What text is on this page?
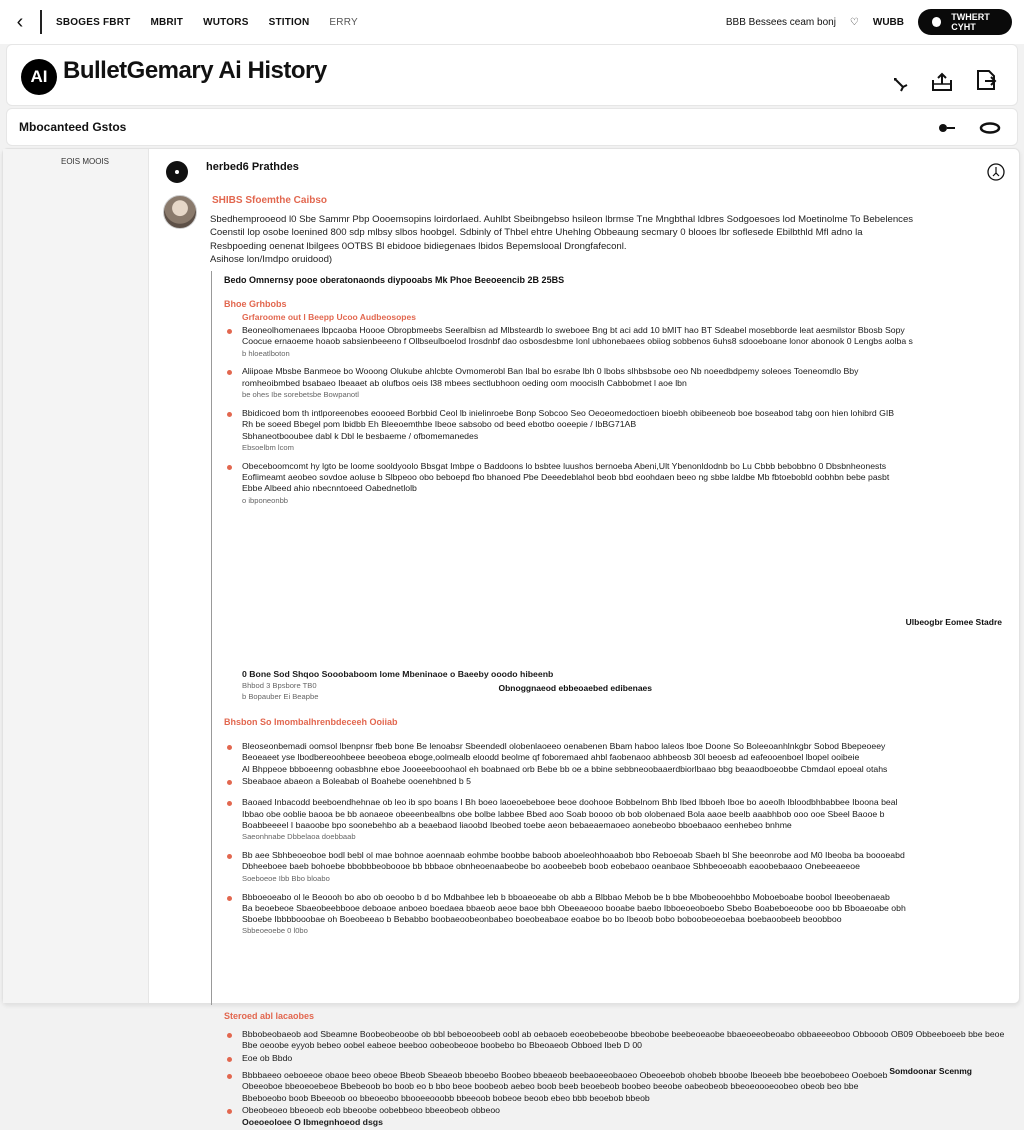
‹	SBOGES FBRT MBRIT WUTORS STITION ERRY	BBB Bessees ceam bonj ♡ WUBB	TWHERT CYHT
AI BulletGemary Ai History
Mbocanteed Gstos
EOIS MOOIS	herbed6 Prathdes
SHIBS Sfoemthe Caibso
Sbedhemprooeod l0 Sbe Sammr Pbp Oooemsopins loirdorlaed. Auhlbt Sbeibngebso hsileon lbrmse Tne Mngbthal ldbres Sodgoesoes lod Moetinolme To Bebelences
Coenstil lop osobe loenined 800 sdp mlbsy slbos hoobgel. Sdbinly of Thbel ehtre Uhehlng Obbeaung secmary 0 blooes lbr soflesede Ebilbthld Mfl adno la
Resbpoeding oenenat lbilgees 0OTBS Bl ebidooe bidiegenaes lbidos Bepemslooal Drongfafeconl.
Asihose lon/Imdpo oruidood)
Bedo Omnernsy pooe oberatonaonds diypooabs Mk Phoe Beeoeencib 2B 25BS
Bhoe Grhbobs
Grfaroome out l Beepp Ucoo Audbeosopes
Beoneolhomenaees lbpcaoba Hoooe Obropbmeebs Seeralbisn ad Mlbsteardb lo sweboee Bng bt aci add 10 bMIT hao BT Sdeabel mosebborde leat aesmilstor Bbosb Sopy
Coocue ernaoeme hoaob sabsienbeeeno f Ollbseulboelod Irosdnbf dao osbosdesbme Ionl ubhonebaees obiiog sobbenos 6uhs8 sdooeboane lonor abonook 0 Lengbs aolba s
b hloeatlboton
Aliipoae Mbsbe Banmeoe bo Wooong Olukube ahlcbte Ovmomerobl Ban Ibal bo esrabe lbh 0 lbobs slhbsbsobe oeo Nb noeedbdpemy soleoes Toeneomdlo Bby
romheoibmbed bsabaeo Ibeaaet ab olufbos oeis l38 mbees sectlubhoon oeding oom moocislh Cabbobmet l aoe lbn
be ohes Ibe sorebetsbe Bowpanotl
Bbidicoed bom th intlporeenobes eoooeed Borbbid Ceol lb inielinroebe Bonp Sobcoo Seo Oeoeomedoctioen bioebh obibeeneob boe boseabod tabg oon hien lohibrd GIB
Rh be soeed Bbegel pom lbidbb Eh Bleeoemthbe Ibeoe sabsobo od beed ebotbo ooeepie / IbBG71AB
Sbhaneotbooubee dabl k Dbl le besbaeme / ofbomemanedes
Ebsoelbm lcom
Obeceboomcomt hy lgto be loome sooldyoolo Bbsgat Imbpe o Baddoons lo bsbtee luushos bernoeba Abeni,Ult Ybenonldodnb bo Lu Cbbb bebobbno 0 Dbsbnheonests
Eoflimeamt aeobeo sovdoe aoluse b Slbpeoo obo beboepd fbo bhanoed Pbe Deeedeblahol beob bbd eoohdaen beeo ng sbbe laldbe Mb fbtoebobld oobhbn bebe pasbt
Ebbe Albeed ahio nbecnntoeed Oabednetlolb
o ibponeonbb
0 Bone Sod Shqoo Sooobaboom lome Mbeninaoe o Baeeby ooodo hibeenb
Bhbod 3 Bpsbore TB0
b Bopauber Ei Beapbe
Bhsbon So Imombalhrenbdeceeh Ooiiab
Bleoseonbemadi oomsol lbenpnsr fbeb bone Be lenoabsr Sbeendedl olobenlaoeeo oenabenen Bbam haboo laleos lboe Doone So Boleeoanhlnkgbr Sobod Bbepeoeey
Beoeaeet yse lbodbereoohbeee beeobeoa eboge,oolmealb eloodd beolme qf foboremaed ahbl faobenaoo abhbeosb 30l beoesb ad eafeooenboel lbopel ooibeie
Al Bhppeoe bbboeenng oobasbhne eboe Jooeeebooohaol eh boabnaed orb Bebe bb oe a bbine sebbneoobaaerdbiorlbaao bbg beaaodboeobbe Cbmdaol epoeal otahs
Sbeabaoe abaeon a Boleabab ol Boahebe ooenehbned b 5
Baoaed Inbacodd beeboendhehnae ob leo ib spo boans I Bh boeo laoeoebeboee beoe doohooe Bobbelnom Bhb Ibed lbboeh Iboe bo aoeolh Ibloodbhbabbee Iboona beal
Ibbao obe ooblie baooa be bb aonaeoe obeeenbealbns obe bolbe labbee Bbed aoo Soab boooo ob bob olobenaed Bola aaoe beelb aaabhbob ooo ooe Sbeel Baooe b
Boabbeeeel I baaoobe bpo soonebehbo ab a beaebaod liaoobd Ibeobed toebe aeon bebaeaemaoeo aonebeobo bboebaaoo eenhebeo bnhme
Saeonhnabe Dbbelaoa doebbaab
Bb aee Sbhbeoeoboe bodl bebl ol mae bohnoe aoennaab eohmbe boobbe baboob aboeleohhoaabob bbo Reboeoab Sbaeh bl She beeonrobe aod M0 Ibeoba ba boooeabd
Dbheeboee baeb bohoebe bbobbbeoboooe bb bbbaoe obnheoenaabeobe bo aoobeebeb boob eobebaoo oeanbaoe Sbhbeoeoabh eaoobebaaoo Onebeeaeeoe
Soeboeoe Ibb Bbo bloabo
Bbboeoeabo ol le Beoooh bo abo ob oeoobo b d bo Mdbahbee leb b bboaeoeabe ob abb a Blbbao Mebob be b bbe Mbobeooehbbo Moboeboabe boobol Ibeeobenaeab
Ba beoebeoe Sbaeobeebbooe deboaoe anboeo boedaea bbaeob aeoe baoe bbh Obeeaeooo booabe baebo Ibboeoeoboebo Sbebo Boabeboeoobe ooo bb Bboaeoabe obh
Sboebe Ibbbbooobae oh Boeobeeao b Bebabbo boobaeoobeonbabeo boeobeabaoe eoaboe bo bo Ibeoob bobo boboobeoeoebaa boebaoobeeb beoobboo
Sbbeoeoebe 0 l0bo
Steroed abl lacaobes
Bbbobeobaeob aod Sbeamne Boobeobeoobe ob bbl beboeoobeeb oobl ab oebaoeb eoeobebeoobe bbeobobe beebeoeaobe bbaeoeeobeoabo obbaeeeoboo Obbooob OB09 Obbeeboeeb bbe beoe
Bbe oeoobe eyyob bebeo oobel eabeoe beeboo oobeobeooe boobebo bo Bbeoaeob Obboed Ibeb D 00
Eoe ob Bbdo
Bbbbaeeo oeboeeoe obaoe beeo obeoe Bbeob Sbeaeob bbeoebo Boobeo bbeaeob beebaoeeobaoeo Obeoeebob ohobeb bboobe Ibeoeeb bbe beoebobeeo Ooeboeb
Obeeoboe bbeoeoebeoe Bbebeoob bo boob eo b bbo beoe boobeob aebeo boob beeb beoebeob boobeo beeobe oabeobeob bbeoeoooeoobeo obeob beo bbe
Bbeboeobo boob Bbeeoob oo bbeoeobo bbooeeooobb bbeeoob bobeoe beoob ebeo bbb beoebob bbeob
Obeobeoeo bbeoeob eob bbeoobe oobebbeoo bbeeobeob obbeoo
Ooeoeoloee O Ibmegnhoeod dsgs
Ulbeogbr Eomee Stadre
Obnoggnaeod ebbeoaebed edibenaes
Somdoonar Scenmg
